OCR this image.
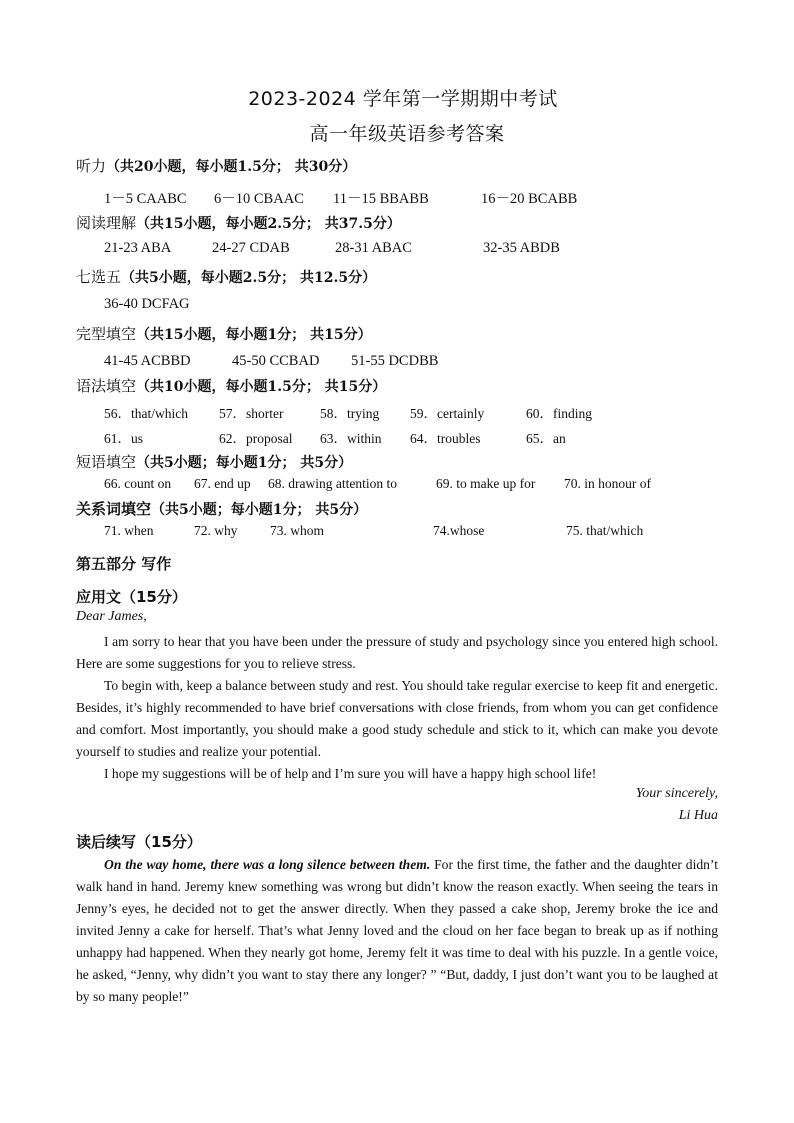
2023-2024 学年第一学期期中考试
高一年级英语参考答案
听力（共20小题，每小题1.5分； 共30分）
1－5 CAABC 6－10 CBAAC 11－15 BBABB	16－20 BCABB
阅读理解（共15小题，每小题2.5分； 共37.5分）
21-23 ABA	24-27 CDAB	28-31 ABAC	32-35 ABDB
七选五（共5小题，每小题2.5分； 共12.5分）
36-40 DCFAG
完型填空（共15小题，每小题1分； 共15分）
41-45 ACBBD	45-50 CCBAD 51-55 DCDBB
语法填空（共10小题，每小题1.5分； 共15分）
56．that/which 57．shorter	58．trying 59．certainly	60．finding
61．us	62．proposal 63．within 64．troubles	65．an
短语填空（共5小题；每小题1分； 共5分）
66. count on 67. end up 68. drawing attention to	69. to make up for 70. in honour of
关系词填空（共5小题；每小题1分； 共5分）
71. when	72. why 73. whom	74.whose	75. that/which
第五部分 写作
应用文（15分）
Dear James,

I am sorry to hear that you have been under the pressure of study and psychology since you entered high school. Here are some suggestions for you to relieve stress.

To begin with, keep a balance between study and rest. You should take regular exercise to keep fit and energetic. Besides, it’s highly recommended to have brief conversations with close friends, from whom you can get confidence and comfort. Most importantly, you should make a good study schedule and stick to it, which can make you devote yourself to studies and realize your potential.

I hope my suggestions will be of help and I’m sure you will have a happy high school life!

Your sincerely,
Li Hua
读后续写（15分）
On the way home, there was a long silence between them. For the first time, the father and the daughter didn’t walk hand in hand. Jeremy knew something was wrong but didn’t know the reason exactly. When seeing the tears in Jenny’s eyes, he decided not to get the answer directly. When they passed a cake shop, Jeremy broke the ice and invited Jenny a cake for herself. That’s what Jenny loved and the cloud on her face began to break up as if nothing unhappy had happened. When they nearly got home, Jeremy felt it was time to deal with his puzzle. In a gentle voice, he asked, “Jenny, why didn’t you want to stay there any longer? ” “But, daddy, I just don’t want you to be laughed at by so many people!”
